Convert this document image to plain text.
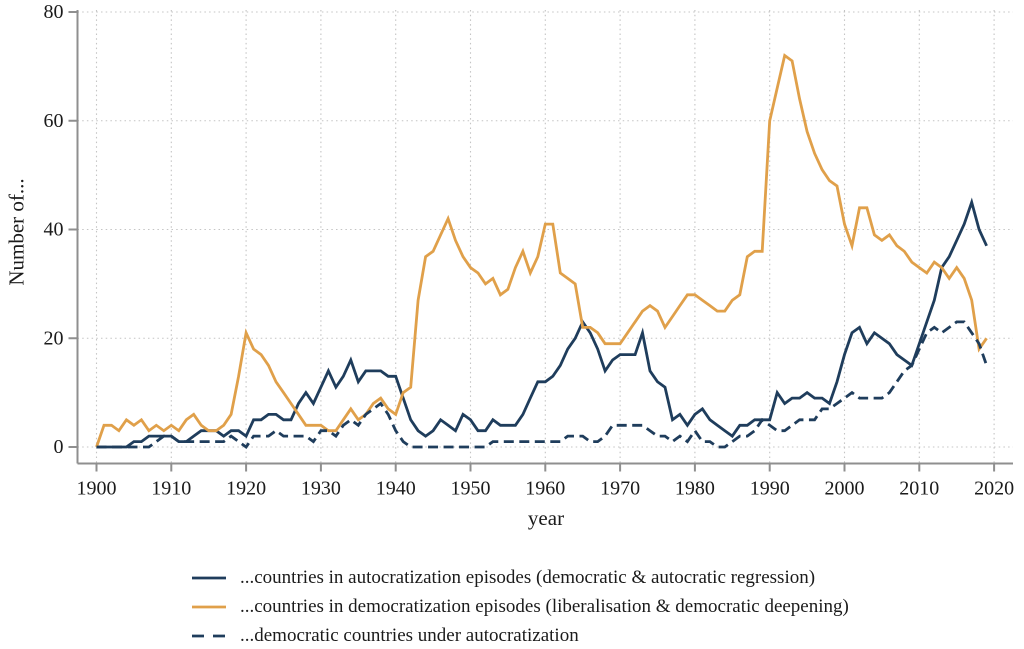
0
20
40
60
80
1900 1910 1920 1930 1940 1950 1960 1970 1980 1990 2000 2010 2020
Number of...
year
...countries in autocratization episodes (democratic & autocratic regression)
...countries in democratization episodes (liberalisation & democratic deepening)
...democratic countries under autocratization
